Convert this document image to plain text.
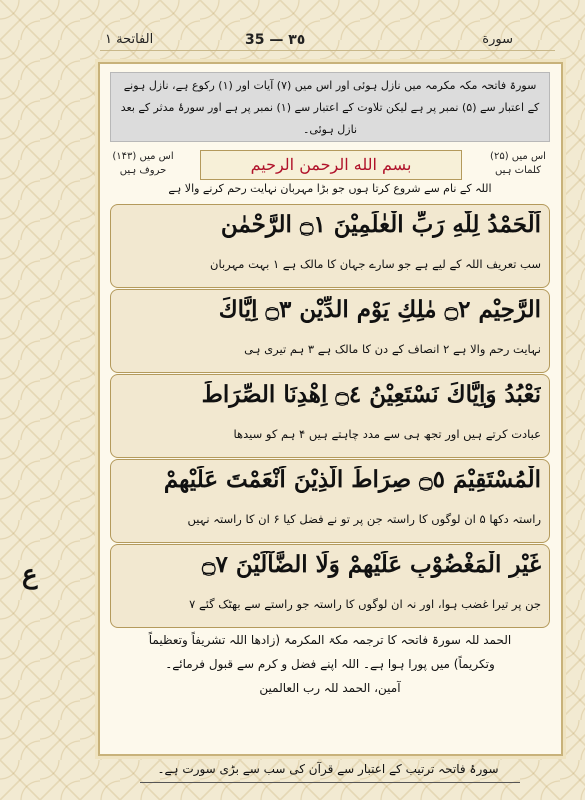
الفاتحة ١	35 — ٣٥	سورة
سورۃ فاتحہ مکہ مکرمہ میں نازل ہوئی اور اس میں (۷) آیات اور (۱) رکوع ہے، نازل ہونے کے اعتبار سے (۵) نمبر پر ہے لیکن تلاوت کے اعتبار سے (۱) نمبر پر ہے اور سورۂ مدثر کے بعد نازل ہوئی۔
اس میں (۲۵)
کلمات ہیں
بسم الله الرحمن الرحیم
اس میں (۱۴۳)
حروف ہیں
اللہ کے نام سے شروع کرتا ہوں جو بڑا مہربان نہایت رحم کرنے والا ہے
اَلْحَمْدُ لِلّٰهِ رَبِّ الْعٰلَمِيْنَ ۝١ الرَّحْمٰنِ
سب تعریف اللہ کے لیے ہے جو سارے جہان کا مالک ہے ۱ بہت مہربان
الرَّحِيْمِ ۝٢ مٰلِكِ يَوْمِ الدِّيْنِ ۝٣ اِيَّاكَ
نہایت رحم والا ہے ۲ انصاف کے دن کا مالک ہے ۳ ہم تیری ہی
نَعْبُدُ وَاِيَّاكَ نَسْتَعِيْنُ ۝٤ اِهْدِنَا الصِّرَاطَ
عبادت کرتے ہیں اور تجھ ہی سے مدد چاہتے ہیں ۴ ہم کو سیدھا
الْمُسْتَقِيْمَ ۝٥ صِرَاطَ الَّذِيْنَ اَنْعَمْتَ عَلَيْهِمْ
راستہ دکھا ۵ ان لوگوں کا راستہ جن پر تو نے فضل کیا ۶ ان کا راستہ نہیں
غَيْرِ الْمَغْضُوْبِ عَلَيْهِمْ وَلَا الضَّآلِّيْنَ ۝٧
جن پر تیرا غضب ہوا، اور نہ ان لوگوں کا راستہ جو راستے سے بھٹک گئے ۷
الحمد للہ سورۃ فاتحہ کا ترجمہ مکۃ المکرمۃ (زادھا اللہ تشریفاً وتعظیماً
وتکریماً) میں پورا ہوا ہے۔ اللہ اپنے فضل و کرم سے قبول فرمائے۔
آمین، الحمد للہ رب العالمین
ع
سورۂ فاتحہ ترتیب کے اعتبار سے قرآن کی سب سے بڑی سورت ہے۔
